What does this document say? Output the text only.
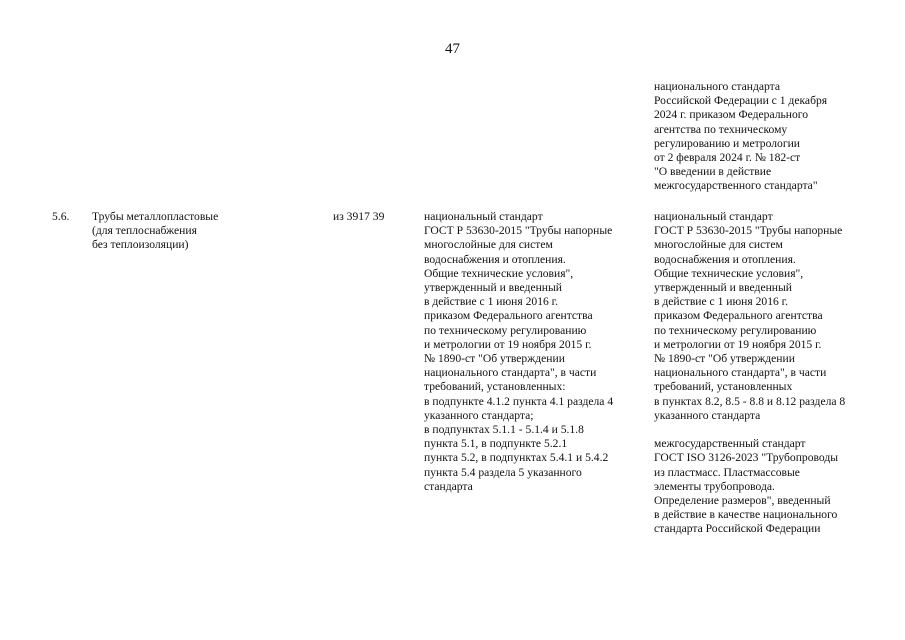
47
национального стандарта
Российской Федерации с 1 декабря
2024 г. приказом Федерального
агентства по техническому
регулированию и метрологии
от 2 февраля 2024 г. № 182-ст
"О введении в действие
межгосударственного стандарта"
5.6. Трубы металлопластовые
(для теплоснабжения
без теплоизоляции)
из 3917 39	национальный стандарт
ГОСТ Р 53630-2015 "Трубы напорные
многослойные для систем
водоснабжения и отопления.
Общие технические условия",
утвержденный и введенный
в действие с 1 июня 2016 г.
приказом Федерального агентства
по техническому регулированию
и метрологии от 19 ноября 2015 г.
№ 1890-ст "Об утверждении
национального стандарта", в части
требований, установленных:
в подпункте 4.1.2 пункта 4.1 раздела 4
указанного стандарта;
в подпунктах 5.1.1 - 5.1.4 и 5.1.8
пункта 5.1, в подпункте 5.2.1
пункта 5.2, в подпунктах 5.4.1 и 5.4.2
пункта 5.4 раздела 5 указанного
стандарта
национальный стандарт
ГОСТ Р 53630-2015 "Трубы напорные
многослойные для систем
водоснабжения и отопления.
Общие технические условия",
утвержденный и введенный
в действие с 1 июня 2016 г.
приказом Федерального агентства
по техническому регулированию
и метрологии от 19 ноября 2015 г.
№ 1890-ст "Об утверждении
национального стандарта", в части
требований, установленных
в пунктах 8.2, 8.5 - 8.8 и 8.12 раздела 8
указанного стандарта
межгосударственный стандарт
ГОСТ ISO 3126-2023 "Трубопроводы
из пластмасс. Пластмассовые
элементы трубопровода.
Определение размеров", введенный
в действие в качестве национального
стандарта Российской Федерации
